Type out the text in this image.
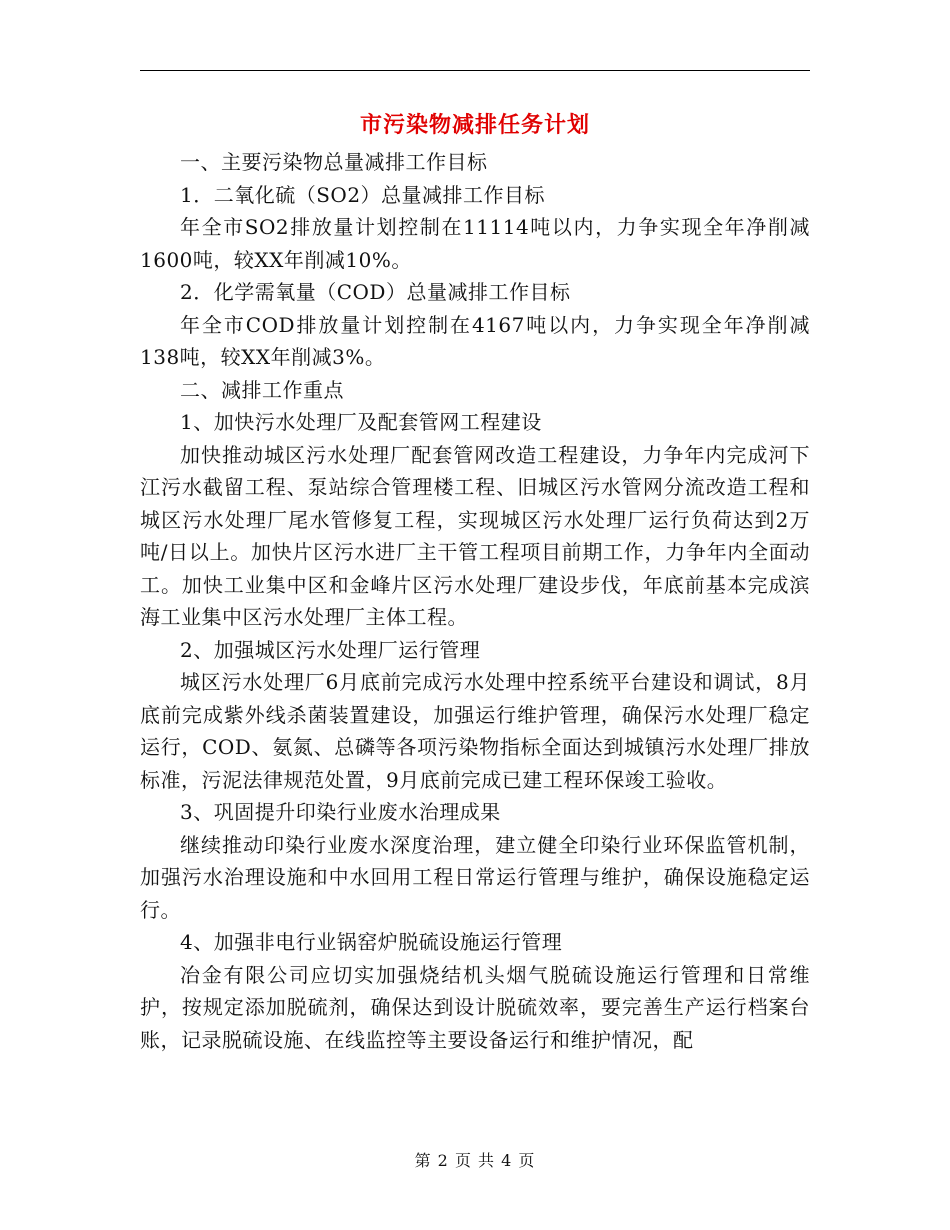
市污染物减排任务计划

一、主要污染物总量减排工作目标

1．二氧化硫（SO2）总量减排工作目标

年全市SO2排放量计划控制在11114吨以内，力争实现全年净削减1600吨，较XX年削减10%。

2．化学需氧量（COD）总量减排工作目标

年全市COD排放量计划控制在4167吨以内，力争实现全年净削减138吨，较XX年削减3%。

二、减排工作重点

1、加快污水处理厂及配套管网工程建设

加快推动城区污水处理厂配套管网改造工程建设，力争年内完成河下江污水截留工程、泵站综合管理楼工程、旧城区污水管网分流改造工程和城区污水处理厂尾水管修复工程，实现城区污水处理厂运行负荷达到2万吨/日以上。加快片区污水进厂主干管工程项目前期工作，力争年内全面动工。加快工业集中区和金峰片区污水处理厂建设步伐，年底前基本完成滨海工业集中区污水处理厂主体工程。

2、加强城区污水处理厂运行管理

城区污水处理厂6月底前完成污水处理中控系统平台建设和调试，8月底前完成紫外线杀菌装置建设，加强运行维护管理，确保污水处理厂稳定运行，COD、氨氮、总磷等各项污染物指标全面达到城镇污水处理厂排放标准，污泥法律规范处置，9月底前完成已建工程环保竣工验收。

3、巩固提升印染行业废水治理成果

继续推动印染行业废水深度治理，建立健全印染行业环保监管机制，加强污水治理设施和中水回用工程日常运行管理与维护，确保设施稳定运行。

4、加强非电行业锅窑炉脱硫设施运行管理

冶金有限公司应切实加强烧结机头烟气脱硫设施运行管理和日常维护，按规定添加脱硫剂，确保达到设计脱硫效率，要完善生产运行档案台账，记录脱硫设施、在线监控等主要设备运行和维护情况，配

第 2 页 共 4 页
